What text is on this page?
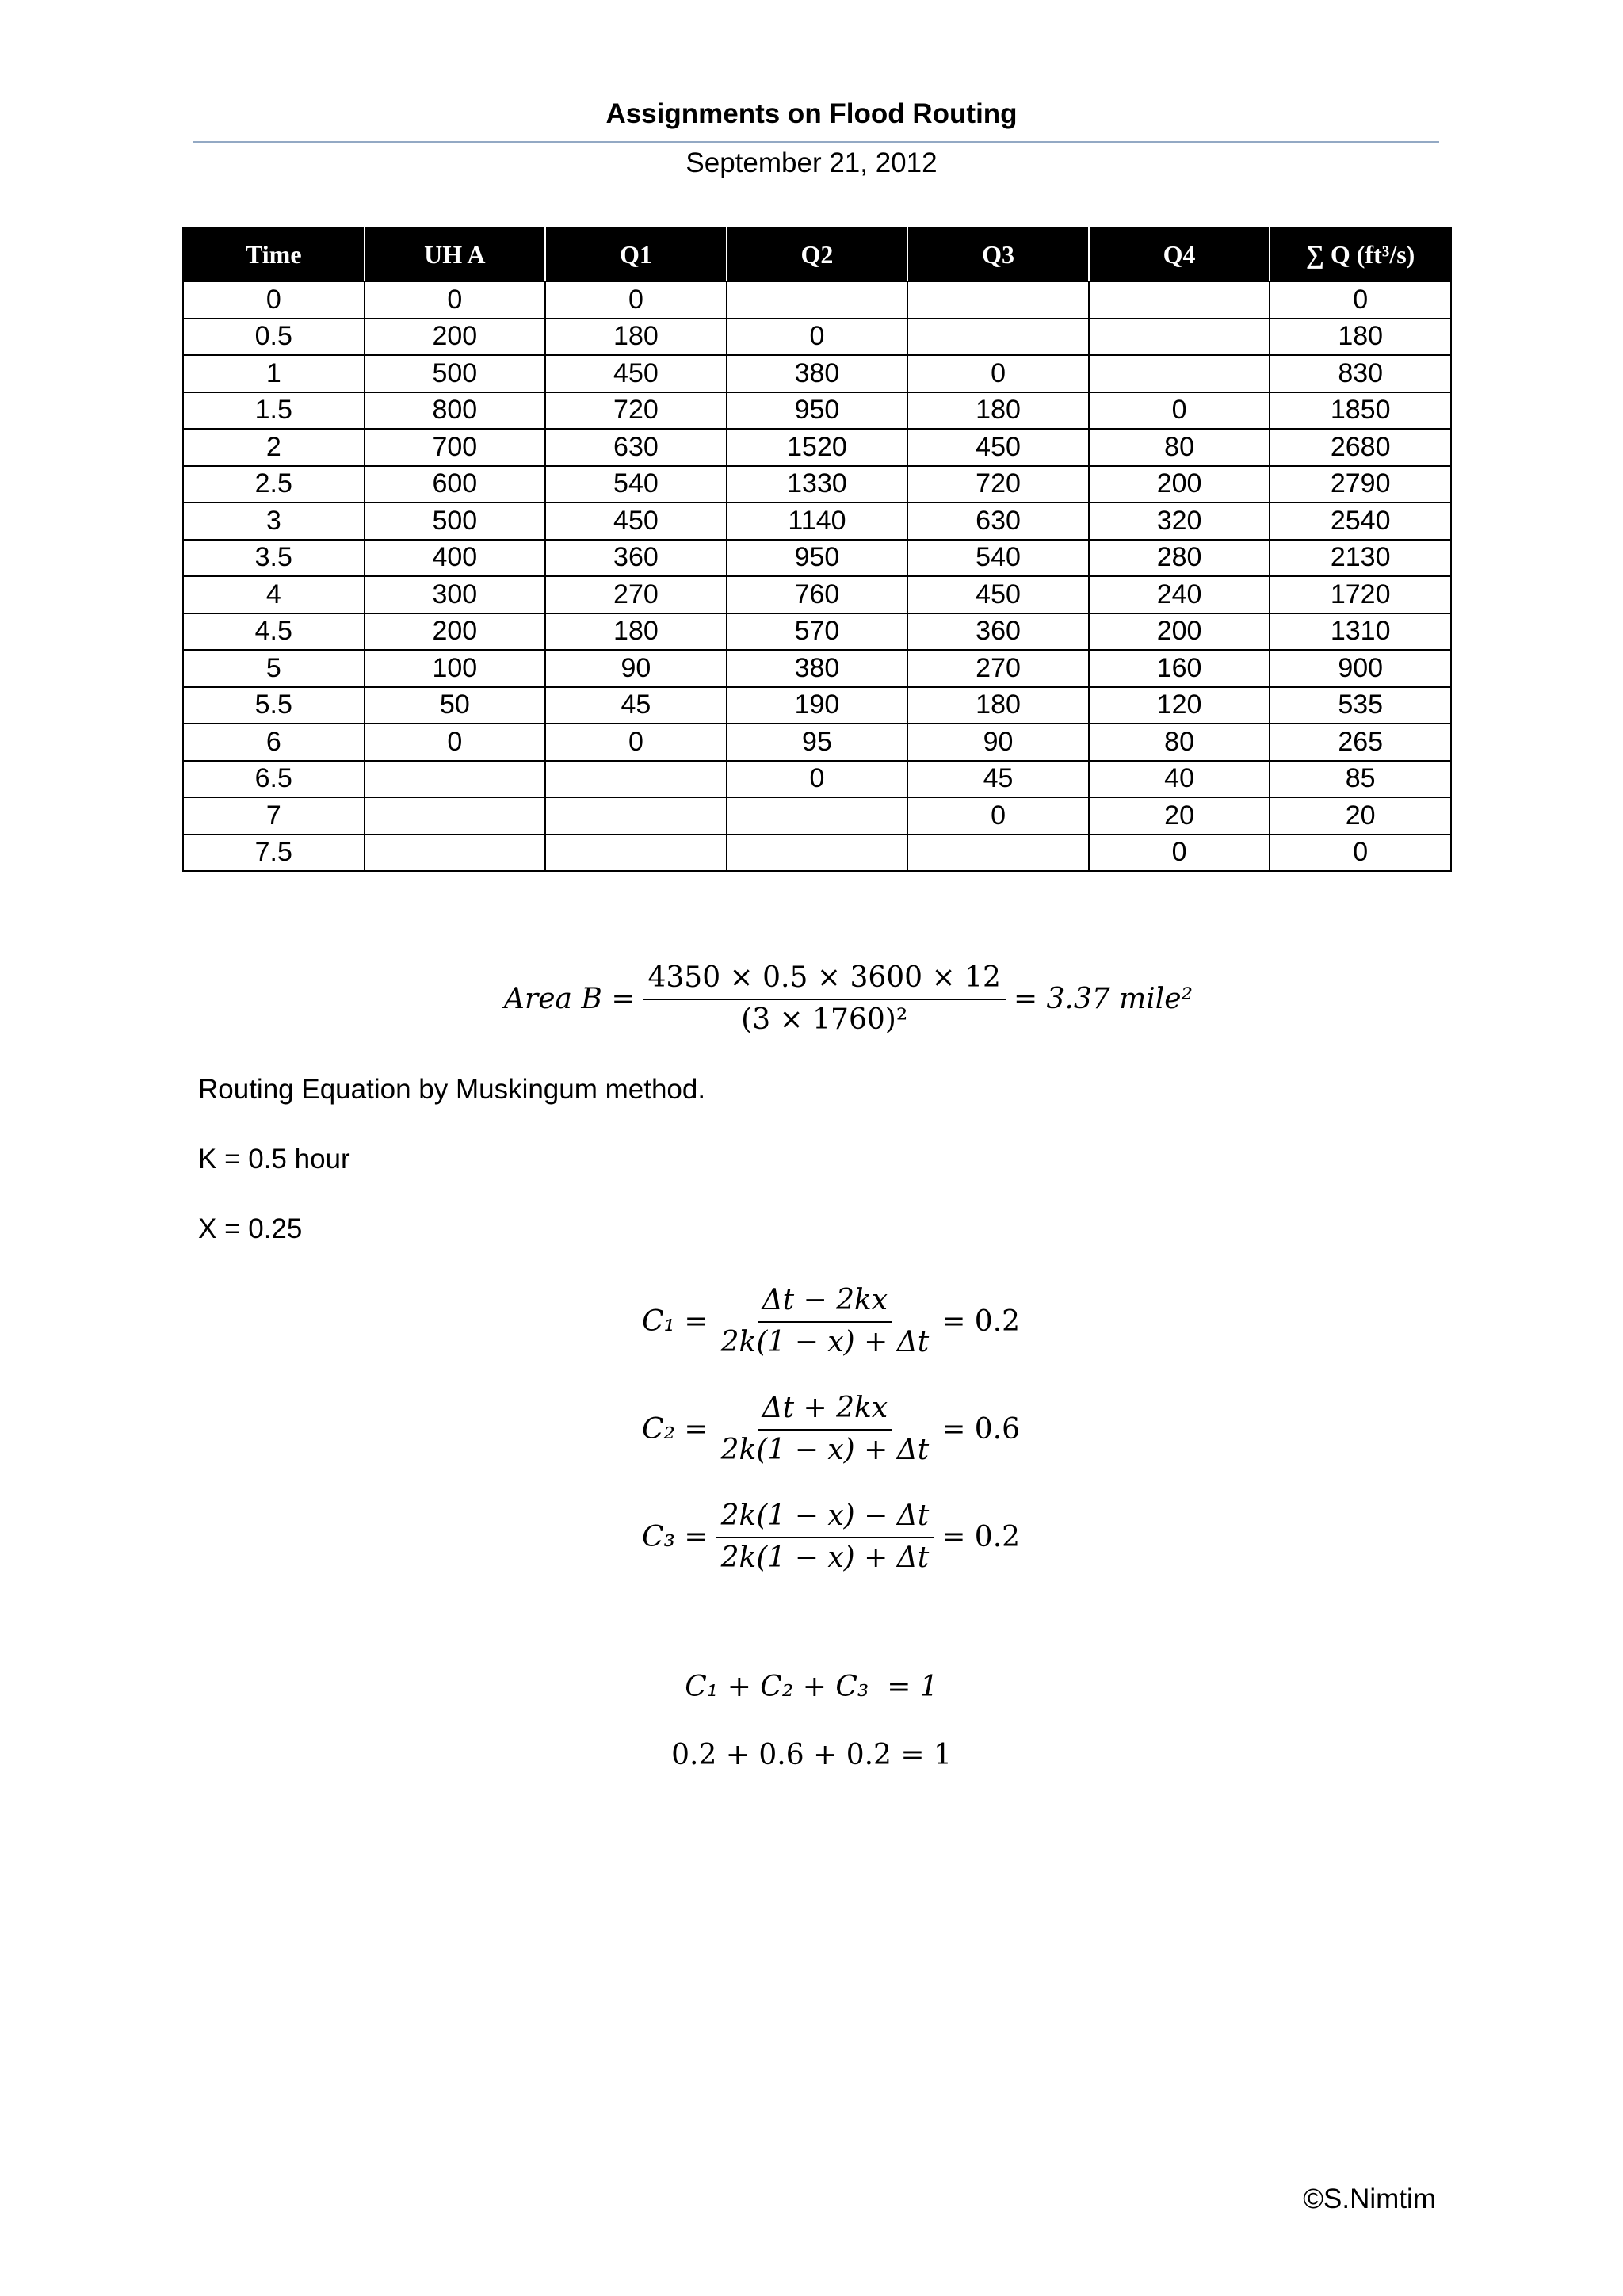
Assignments on Flood Routing
September 21, 2012
Time	UH A	Q1	Q2	Q3	Q4	∑ Q (ft³/s)
0	0	0				0
0.5	200	180	0			180
1	500	450	380	0		830
1.5	800	720	950	180	0	1850
2	700	630	1520	450	80	2680
2.5	600	540	1330	720	200	2790
3	500	450	1140	630	320	2540
3.5	400	360	950	540	280	2130
4	300	270	760	450	240	1720
4.5	200	180	570	360	200	1310
5	100	90	380	270	160	900
5.5	50	45	190	180	120	535
6	0	0	95	90	80	265
6.5			0	45	40	85
7				0	20	20
7.5					0	0
Area $B = \frac{4350 \times 0.5 \times 3600 \times 12}{\text{(3 × 1760)²}} = 3.37$ mile²
Routing Equation by Muskingum method.
K = 0.5 hour
X = 0.25
$C_1 = \frac{\Delta t - 2kx}{2k(1 - x) + \Delta t} = 0.2$
$C_2 = \frac{\Delta t + 2kx}{2k(1 - x) + \Delta t} = 0.6$
$C_3 = \frac{2k(1 - x) - \Delta t}{2k(1 - x) + \Delta t} = 0.2$
C₁ + C₂ + C₃  = 1
0.2 + 0.6 + 0.2 = 1
©S.Nimtim
